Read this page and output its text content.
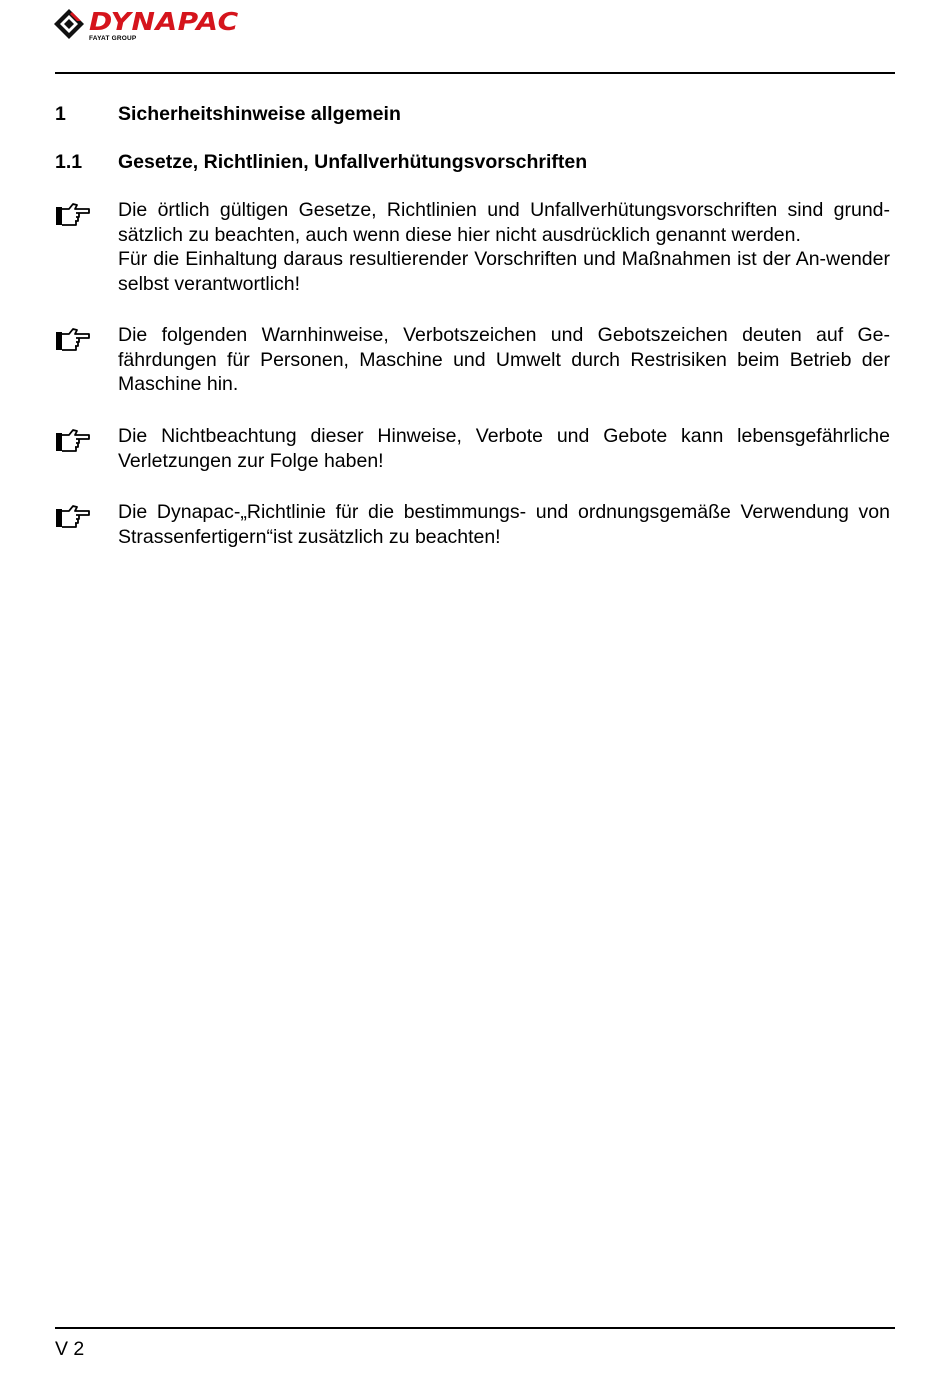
DYNAPAC
FAYAT GROUP
1	Sicherheitshinweise allgemein
1.1 Gesetze, Richtlinien, Unfallverhütungsvorschriften

Die örtlich gültigen Gesetze, Richtlinien und Unfallverhütungsvorschriften sind grund-sätzlich zu beachten, auch wenn diese hier nicht ausdrücklich genannt werden.
Für die Einhaltung daraus resultierender Vorschriften und Maßnahmen ist der An-wender selbst verantwortlich!

Die folgenden Warnhinweise, Verbotszeichen und Gebotszeichen deuten auf Ge-fährdungen für Personen, Maschine und Umwelt durch Restrisiken beim Betrieb der Maschine hin.

Die Nichtbeachtung dieser Hinweise, Verbote und Gebote kann lebensgefährliche Verletzungen zur Folge haben!

Die Dynapac-„Richtlinie für die bestimmungs- und ordnungsgemäße Verwendung von Strassenfertigern“ist zusätzlich zu beachten!

V 2
